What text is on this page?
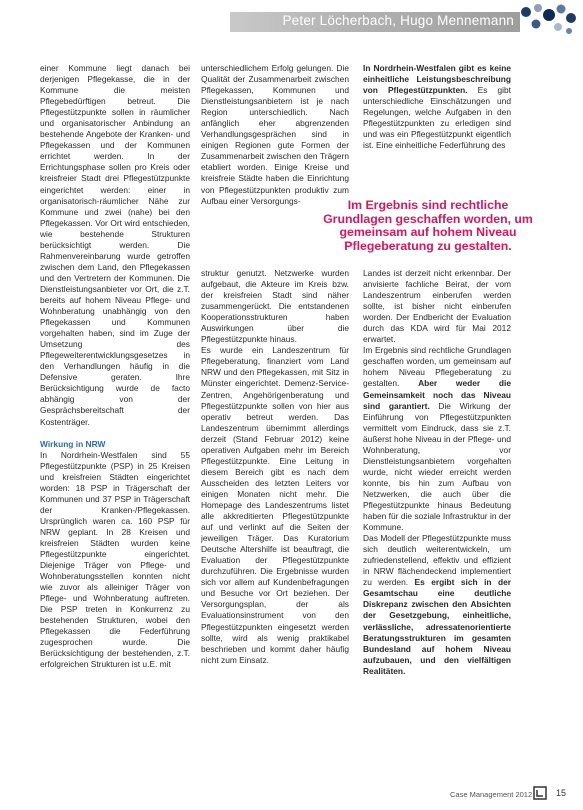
Peter Löcherbach, Hugo Mennemann

einer Kommune liegt danach bei derjenigen Pflegekasse, die in der Kommune die meisten Pflegebedürftigen betreut. Die Pflegestützpunkte sollen in räumlicher und organisatorischer Anbindung an bestehende Angebote der Kranken- und Pflegekassen und der Kommunen errichtet werden. In der Errichtungsphase sollen pro Kreis oder kreisfreier Stadt drei Pflegestützpunkte eingerichtet werden: einer in organisatorisch-räumlicher Nähe zur Kommune und zwei (nahe) bei den Pflegekassen. Vor Ort wird entschieden, wie bestehende Strukturen berücksichtigt werden. Die Rahmenvereinbarung wurde getroffen zwischen dem Land, den Pflegekassen und den Vertretern der Kommunen. Die Dienstleistungsanbieter vor Ort, die z.T. bereits auf hohem Niveau Pflege- und Wohnberatung unabhängig von den Pflegekassen und Kommunen vorgehalten haben, sind im Zuge der Umsetzung des Pflegeweiterentwicklungsgesetzes in den Verhandlungen häufig in die Defensive geraten. Ihre Berücksichtigung wurde de facto abhängig von der Gesprächsbereitschaft der Kostenträger.

Wirkung in NRW

In Nordrhein-Westfalen sind 55 Pflegestützpunkte (PSP) in 25 Kreisen und kreisfreien Städten eingerichtet worden: 18 PSP in Trägerschaft der Kommunen und 37 PSP in Trägerschaft der Kranken-/Pflegekassen. Ursprünglich waren ca. 160 PSP für NRW geplant. In 28 Kreisen und kreisfreien Städten wurden keine Pflegestützpunkte eingerichtet. Diejenige Träger von Pflege- und Wohnberatungsstellen konnten nicht wie zuvor als alleiniger Träger von Pflege- und Wohnberatung auftreten. Die PSP treten in Konkurrenz zu bestehenden Strukturen, wobei den Pflegekassen die Federführung zugesprochen wurde. Die Berücksichtigung der bestehenden, z.T. erfolgreichen Strukturen ist u.E. mit

unterschiedlichem Erfolg gelungen. Die Qualität der Zusammenarbeit zwischen Pflegekassen, Kommunen und Dienstleistungsanbietern ist je nach Region unterschiedlich. Nach anfänglich eher abgrenzenden Verhandlungsgesprächen sind in einigen Regionen gute Formen der Zusammenarbeit zwischen den Trägern etabliert worden. Einige Kreise und kreisfreie Städte haben die Einrichtung von Pflegestützpunkten produktiv zum Aufbau einer Versorgungs-

struktur genutzt. Netzwerke wurden aufgebaut, die Akteure im Kreis bzw. der kreisfreien Stadt sind näher zusammengerückt. Die entstandenen Kooperationsstrukturen haben Auswirkungen über die Pflegestützpunkte hinaus.

Es wurde ein Landeszentrum für Pflegeberatung, finanziert vom Land NRW und den Pflegekassen, mit Sitz in Münster eingerichtet. Demenz-Service-Zentren, Angehörigenberatung und Pflegestützpunkte sollen von hier aus operativ betreut werden. Das Landeszentrum übernimmt allerdings derzeit (Stand Februar 2012) keine operativen Aufgaben mehr im Bereich Pflegestützpunkte. Eine Leitung in diesem Bereich gibt es nach dem Ausscheiden des letzten Leiters vor einigen Monaten nicht mehr. Die Homepage des Landeszentrums listet alle akkreditierten Pflegestützpunkte auf und verlinkt auf die Seiten der jeweiligen Träger. Das Kuratorium Deutsche Altershilfe ist beauftragt, die Evaluation der Pflegestützpunkte durchzuführen. Die Ergebnisse wurden sich vor allem auf Kundenbefragungen und Besuche vor Ort beziehen. Der Versorgungsplan, der als Evaluationsinstrument von den Pflegestützpunkten eingesetzt werden sollte, wird als wenig praktikabel beschrieben und kommt daher häufig nicht zum Einsatz.

In Nordrhein-Westfalen gibt es keine einheitliche Leistungsbeschreibung von Pflegestützpunkten. Es gibt unterschiedliche Einschätzungen und Regelungen, welche Aufgaben in den Pflegestützpunkten zu erledigen sind und was ein Pflegestützpunkt eigentlich ist. Eine einheitliche Federführung des

Landes ist derzeit nicht erkennbar. Der anvisierte fachliche Beirat, der vom Landeszentrum einberufen werden sollte, ist bisher nicht einberufen worden. Der Endbericht der Evaluation durch das KDA wird für Mai 2012 erwartet.

Im Ergebnis sind rechtliche Grundlagen geschaffen worden, um gemeinsam auf hohem Niveau Pflegeberatung zu gestalten. Aber weder die Gemeinsamkeit noch das Niveau sind garantiert. Die Wirkung der Einführung von Pflegestützpunkten vermittelt vom Eindruck, dass sie z.T. äußerst hohe Niveau in der Pflege- und Wohnberatung, vor Dienstleistungsanbietern vorgehalten wurde, nicht wieder erreicht werden konnte, bis hin zum Aufbau von Netzwerken, die auch über die Pflegestützpunkte hinaus Bedeutung haben für die soziale Infrastruktur in der Kommune.

Das Modell der Pflegestützpunkte muss sich deutlich weiterentwickeln, um zufriedenstellend, effektiv und effizient in NRW flächendeckend implementiert zu werden. Es ergibt sich in der Gesamtschau eine deutliche Diskrepanz zwischen den Absichten der Gesetzgebung, einheitliche, verlässliche, adressatenorientierte Beratungsstrukturen im gesamten Bundesland auf hohem Niveau aufzubauen, und den vielfältigen Realitäten.

Im Ergebnis sind rechtliche Grundlagen geschaffen worden, um gemeinsam auf hohem Niveau Pflegeberatung zu gestalten.
Case Management 2012	15
